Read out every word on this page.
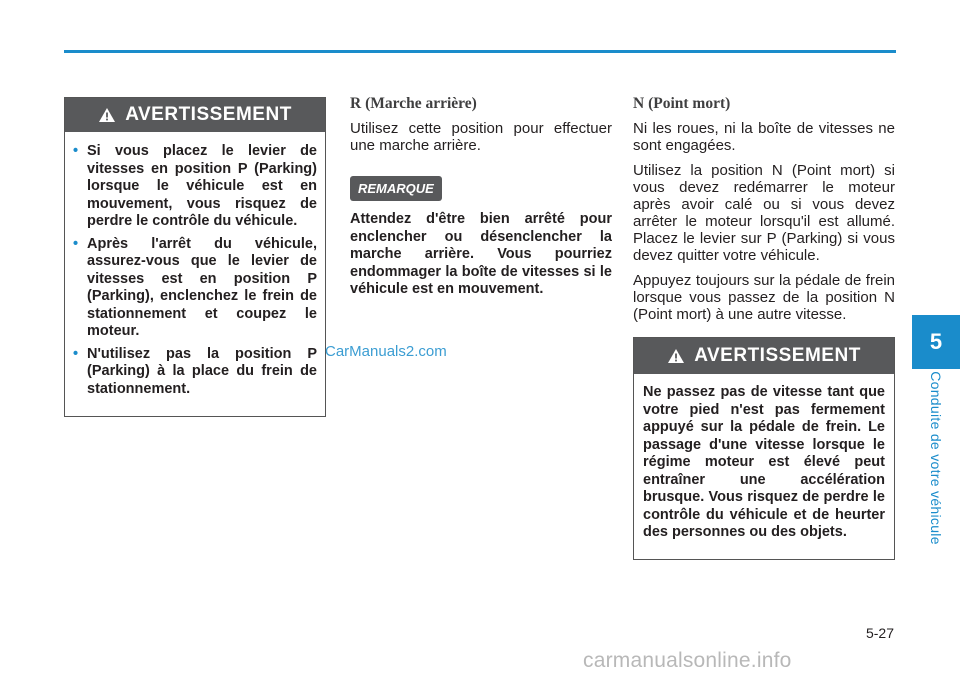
5
Conduite de votre véhicule
AVERTISSEMENT
• Si vous placez le levier de vitesses en position P (Parking) lorsque le véhicule est en mouvement, vous risquez de perdre le contrôle du véhicule.
• Après l'arrêt du véhicule, assurez-vous que le levier de vitesses est en position P (Parking), enclenchez le frein de stationnement et coupez le moteur.
• N'utilisez pas la position P (Parking) à la place du frein de stationnement.
R (Marche arrière)
Utilisez cette position pour effectuer une marche arrière.
REMARQUE
Attendez d'être bien arrêté pour enclencher ou désenclencher la marche arrière. Vous pourriez endommager la boîte de vitesses si le véhicule est en mouvement.
N (Point mort)
Ni les roues, ni la boîte de vitesses ne sont engagées.
Utilisez la position N (Point mort) si vous devez redémarrer le moteur après avoir calé ou si vous devez arrêter le moteur lorsqu'il est allumé. Placez le levier sur P (Parking) si vous devez quitter votre véhicule.
Appuyez toujours sur la pédale de frein lorsque vous passez de la position N (Point mort) à une autre vitesse.
AVERTISSEMENT
Ne passez pas de vitesse tant que votre pied n'est pas fermement appuyé sur la pédale de frein. Le passage d'une vitesse lorsque le régime moteur est élevé peut entraîner une accélération brusque. Vous risquez de perdre le contrôle du véhicule et de heurter des personnes ou des objets.
CarManuals2.com
5-27
carmanualsonline.info
